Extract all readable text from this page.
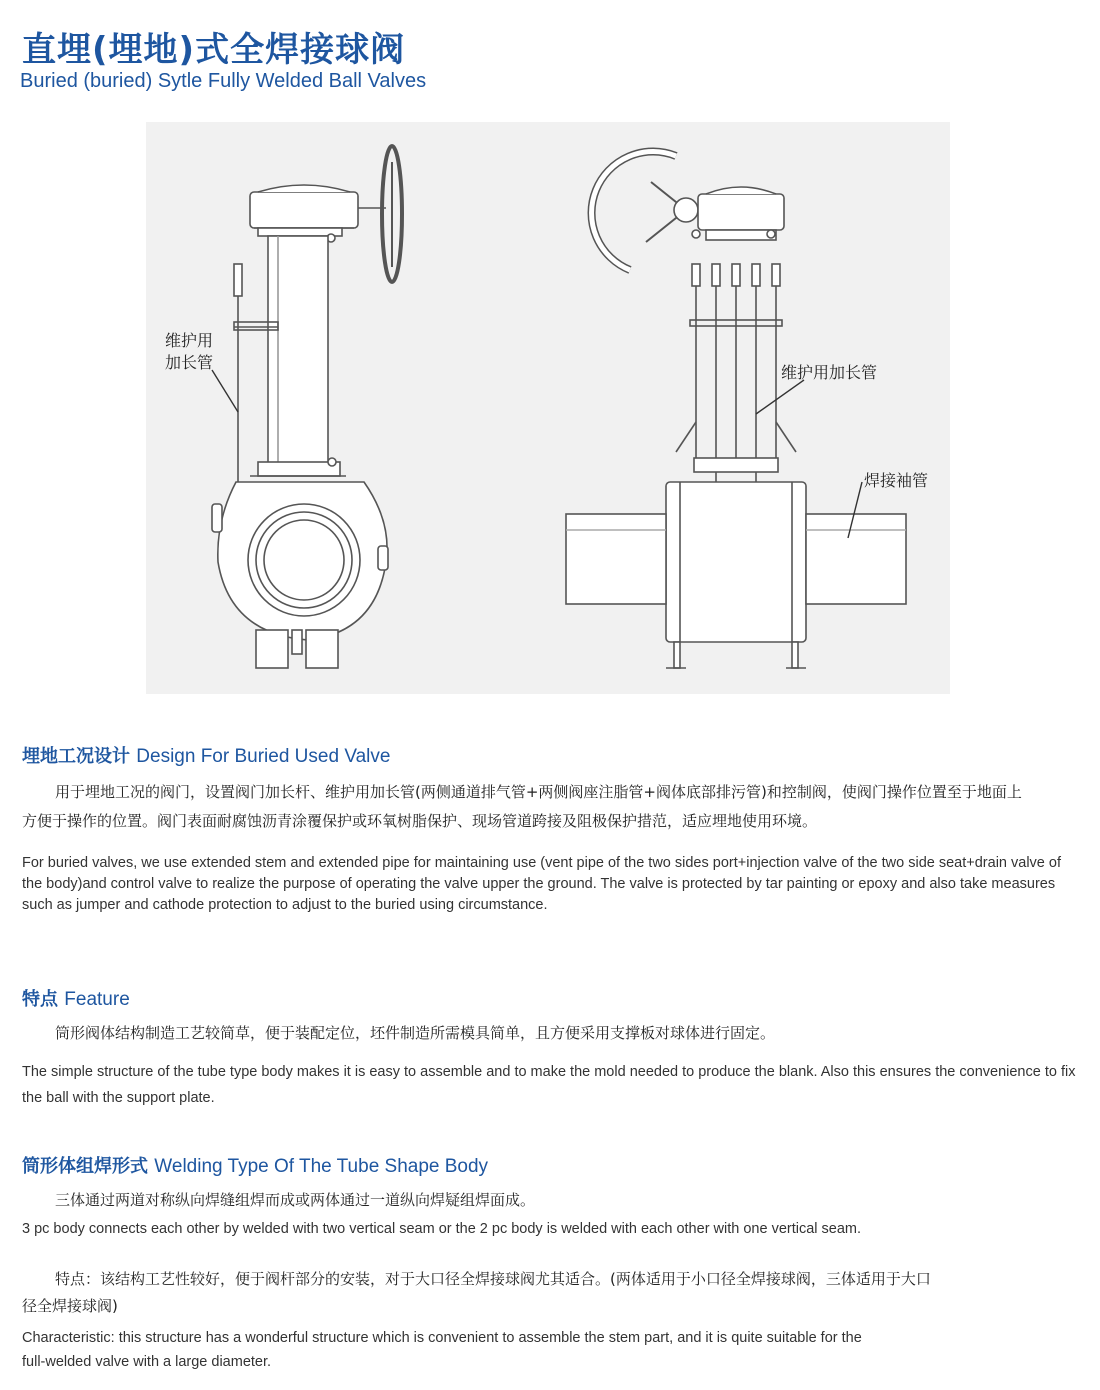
直埋(埋地)式全焊接球阀
Buried (buried) Sytle Fully Welded Ball Valves
维护用
加长管
维护用加长管
焊接袖管
埋地工况设计 Design For Buried Used Valve
用于埋地工况的阀门，设置阀门加长杆、维护用加长管(两侧通道排气管+两侧阀座注脂管+阀体底部排污管)和控制阀，使阀门操作位置至于地面上
方便于操作的位置。阀门表面耐腐蚀沥青涂覆保护或环氧树脂保护、现场管道跨接及阻极保护措范，适应埋地使用环境。
For buried valves, we use extended stem and extended pipe for maintaining use (vent pipe of the two sides port+injection valve of the two side seat+drain valve of the body)and control valve to realize the purpose of operating the valve upper the ground. The valve is protected by tar painting or epoxy and also take measures such as jumper and cathode protection to adjust to the buried using circumstance.
特点 Feature
筒形阀体结构制造工艺较简草，便于装配定位，坯件制造所需模具简单，且方便采用支撑板对球体进行固定。
The simple structure of the tube type body makes it is easy to assemble and to make the mold needed to produce the blank. Also this ensures the convenience to fix the ball with the support plate.
筒形体组焊形式 Welding Type Of The Tube Shape Body
三体通过两道对称纵向焊缝组焊而成或两体通过一道纵向焊疑组焊面成。
3 pc body connects each other by welded with two vertical seam or the 2 pc body is welded with each other with one vertical seam.
特点：该结构工艺性较好，便于阀杆部分的安装，对于大口径全焊接球阀尤其适合。(两体适用于小口径全焊接球阀，三体适用于大口
径全焊接球阀)
Characteristic: this structure has a wonderful structure which is convenient to assemble the stem part, and it is quite suitable for the
full-welded valve with a large diameter.
